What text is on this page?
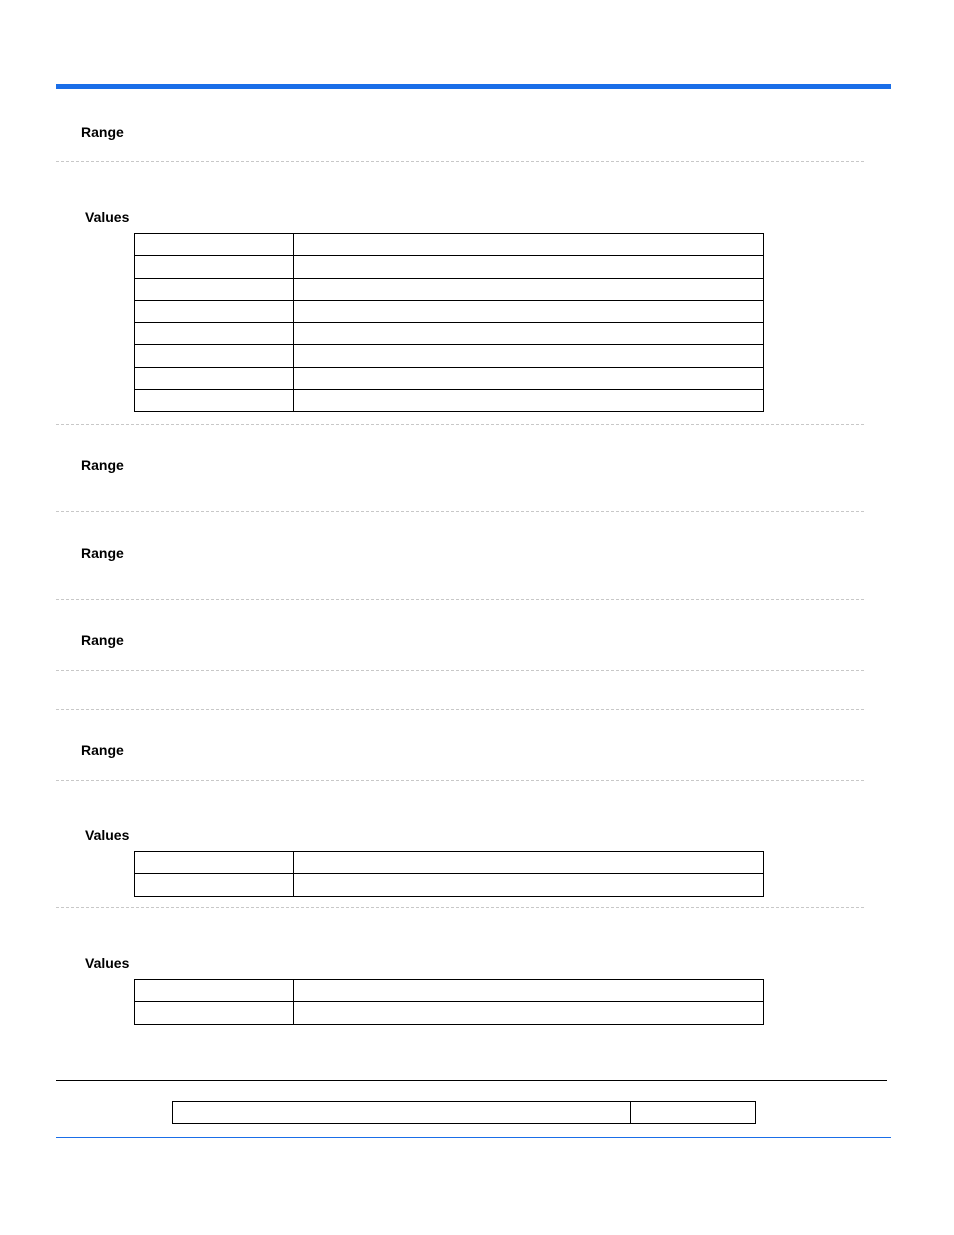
Range
Values

Range
Range
Range
Range
Values

Values
